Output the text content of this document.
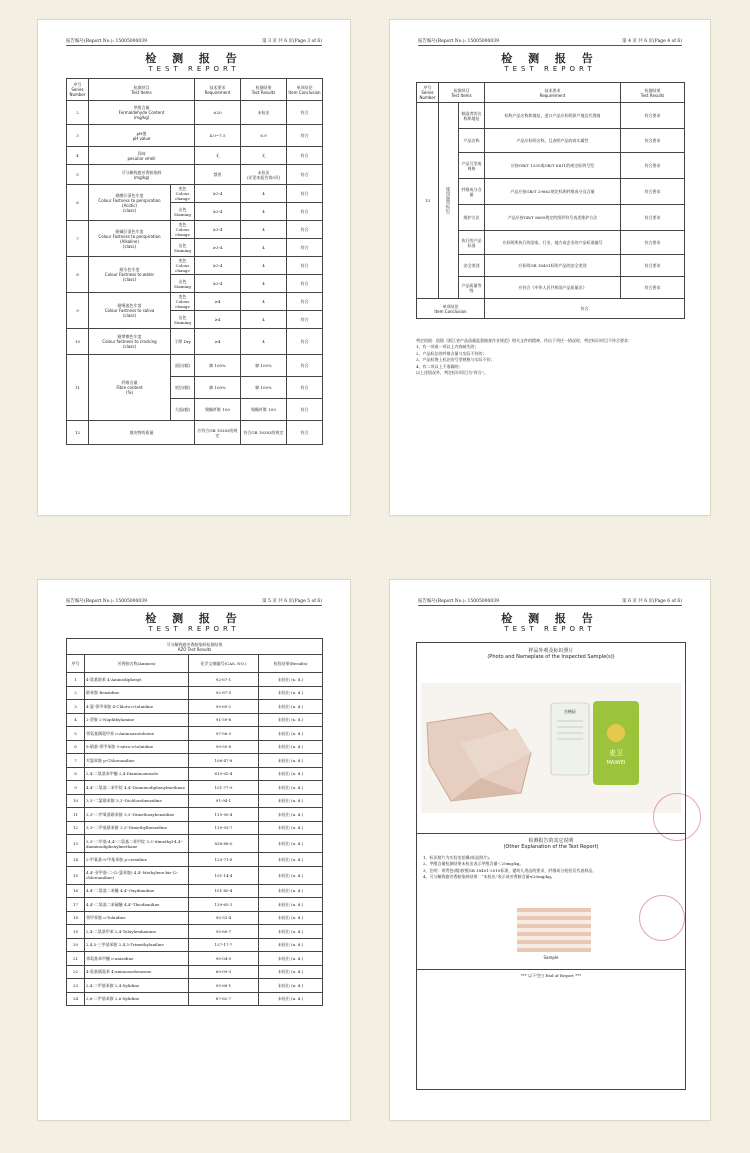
报告编号(Report No.): 15005000039	第 3 页 共 6 页(Page 3 of 6)
检 测 报 告
TEST REPORT
序号
Series Number	检测项目
Test Items		技术要求
Requirement	检测结果
Test Results	单项结论
Item Conclusion

2	甲醛含量
Formaldehyde Content
(mg/kg)		≤20	未检出	符合
3	pH值
pH value		4.0~7.5	6.9	符合
4	异味
peculiar smell		无	无	符合
5	可分解致癌芳香胺染料
(mg/kg)		禁用	未检出
(详见本报告第5页)	符合
6	耐酸汗渍色牢度
Colour Fastness to perspiration
(Acidic)
(class)	变色 Colour change	≥3-4	4	符合
		沾色 Staining	≥3-4	4	符合
7	耐碱汗渍色牢度
Colour Fastness to perspiration
(Alkaline)
(class)	变色 Colour change	≥3-4	4	符合
		沾色 Staining	≥3-4	4	符合
8	耐水色牢度
Colour Fastness to water
(class)	变色 Colour change	≥3-4	4	符合
		沾色 Staining	≥3-4	4	符合
9	耐唾液色牢度
Colour Fastness to saliva
(class)	变色 Colour change	≥4	4	符合
		沾色 Staining	≥4	4	符合
10	耐摩擦色牢度
Colour fastness to crocking
(class)	干摩 Dry	≥4	4	符合
11	纤维含量
Fibre content
(%)	面层(帽)	棉 100%	棉 100%	符合
		底层(帽)	棉 100%	棉 100%	符合
		大面(帽)	聚酯纤维 100	聚酯纤维 100	符合
12	填充物的质量		应符合GB 18383的规定	符合GB 18383的规定	符合
报告编号(Report No.): 15005000039	第 4 页 共 6 页(Page 4 of 6)
检 测 报 告
TEST REPORT
序号
Series Number	检测项目
Test Items		技术要求
Requirement	检测结果
Test Results

13	使用说明(标识)	制造者的名称和地址	标称产品名称和地址，进口产品应标明原产地及代理商	符合要求
		产品名称	产品应标明名称，且表明产品的真实属性	符合要求
		产品号型或规格	应按GB/T 1335或GB/T 6411的规定标明号型	符合要求
		纤维成分含量	产品应按GB/T 29862规定标明纤维成分及含量	符合要求
		维护方法	产品应按GB/T 8685规定的图形符号表述维护方法	符合要求
		执行的产品标准	应标明所执行的国家、行业、地方或企业的产品标准编号	符合要求
		安全类别	应标明GB 18401标明产品的安全类别	符合要求
		产品质量等级	应符合《中华人民共和国产品质量法》	符合要求

单项结论
Item Conclusion			符合	
判定依据：依据《浙江省产品质量监督抽查作业规范》相关文件的精神，作出下列任一情况时，判定标识项目不符合要求：
1、有一项或一项以上内容缺失的；
2、产品标注的纤维含量与实际不符的；
3、产品标签上标注的号型规格与实际不符；
4、有二项以上不准确的；
以上述情况外，判定标识项目为"符合"。
报告编号(Report No.): 15005000039	第 5 页 共 6 页(Page 5 of 6)
检 测 报 告
TEST REPORT
可分解致癌芳香胺染料检测结果
AZO Test Results			

序号	芳香胺名称(Amines)	化学文摘编号(CAS. NO.)	检验结果(Results)
1	4-氨基联苯 4-Aminodiphenyl	92-67-1	未检出 (n. d.)
2	联苯胺 Benzidine	92-87-5	未检出 (n. d.)
3	4-氯-邻甲苯胺 4-Chloro-o-toluidine	95-69-2	未检出 (n. d.)
4	2-萘胺 2-Naphthylamine	91-59-8	未检出 (n. d.)
5	邻氨基偶氮甲苯 o-Aminoazotoluene	97-56-3	未检出 (n. d.)
6	5-硝基-邻甲苯胺 5-nitro-o-toluidine	99-55-8	未检出 (n. d.)
7	对氯苯胺 p-Chloroaniline	106-47-8	未检出 (n. d.)
8	2,4-二氨基苯甲醚 2,4-Diaminoanisole	615-05-4	未检出 (n. d.)
9	4,4'-二氨基二苯甲烷 4,4'-Diaminodiphenylmethane	101-77-9	未检出 (n. d.)
10	3,3'-二氯联苯胺 3,3'-Dichlorobenzidine	91-94-1	未检出 (n. d.)
11	3,3'-二甲氧基联苯胺 3,3'-Dimethoxybenzidine	119-90-4	未检出 (n. d.)
12	3,3'-二甲基联苯胺 3,3'-Dimethylbenzidine	119-93-7	未检出 (n. d.)
13	3,3'-二甲基-4,4'-二氨基二苯甲烷 3,3'-dimethyl-4,4'-diaminodiphenylmethane	838-88-0	未检出 (n. d.)
14	2-甲氧基-5-甲基苯胺 p-cresidine	120-71-8	未检出 (n. d.)
15	4,4'-亚甲基-二-(2-氯苯胺) 4,4'-Methylene-bis-(2-chloroaniline)	101-14-4	未检出 (n. d.)
16	4,4'-二氨基二苯醚 4,4'-Oxydianiline	101-80-4	未检出 (n. d.)
17	4,4'-二氨基二苯硫醚 4,4'-Thiodianiline	139-65-1	未检出 (n. d.)
18	邻甲苯胺 o-Toluidine	95-53-4	未检出 (n. d.)
19	2,4-二氨基甲苯 2,4-Toluylendiamine	95-80-7	未检出 (n. d.)
20	2,4,5-三甲基苯胺 2,4,5-Trimethylaniline	137-17-7	未检出 (n. d.)
21	邻氨基苯甲醚 o-anisidine	90-04-0	未检出 (n. d.)
22	4-氨基偶氮苯 4-aminoazobenzene	60-09-3	未检出 (n. d.)
23	2,4-二甲基苯胺 2,4-Xylidine	95-68-1	未检出 (n. d.)
24	2,6-二甲基苯胺 2,6-Xylidine	87-62-7	未检出 (n. d.)
报告编号(Report No.): 15005000039	第 6 页 共 6 页(Page 6 of 6)
检 测 报 告
TEST REPORT
样品外观及标识照片
(Photo and Nameplate of the Inspected Sample(s))
合格证
麦卫
MAIWEI
检测报告的其它说明
(Other Explanation of the Test Report)
1、标识照片为实验室拍摄(样品照片)。
2、甲醛含量检测结果未检出表示甲醛含量＜20mg/kg。
3、注明：带背包(帽)按照GB 18401-2010标准，婴幼儿用品的要求，纤维成分检验仅代表样品。
4、可分解致癌芳香胺染料结果：“未检出”表示该芳香胺含量≤20mg/kg。
Sample
*** 以下空白 End of Report ***
